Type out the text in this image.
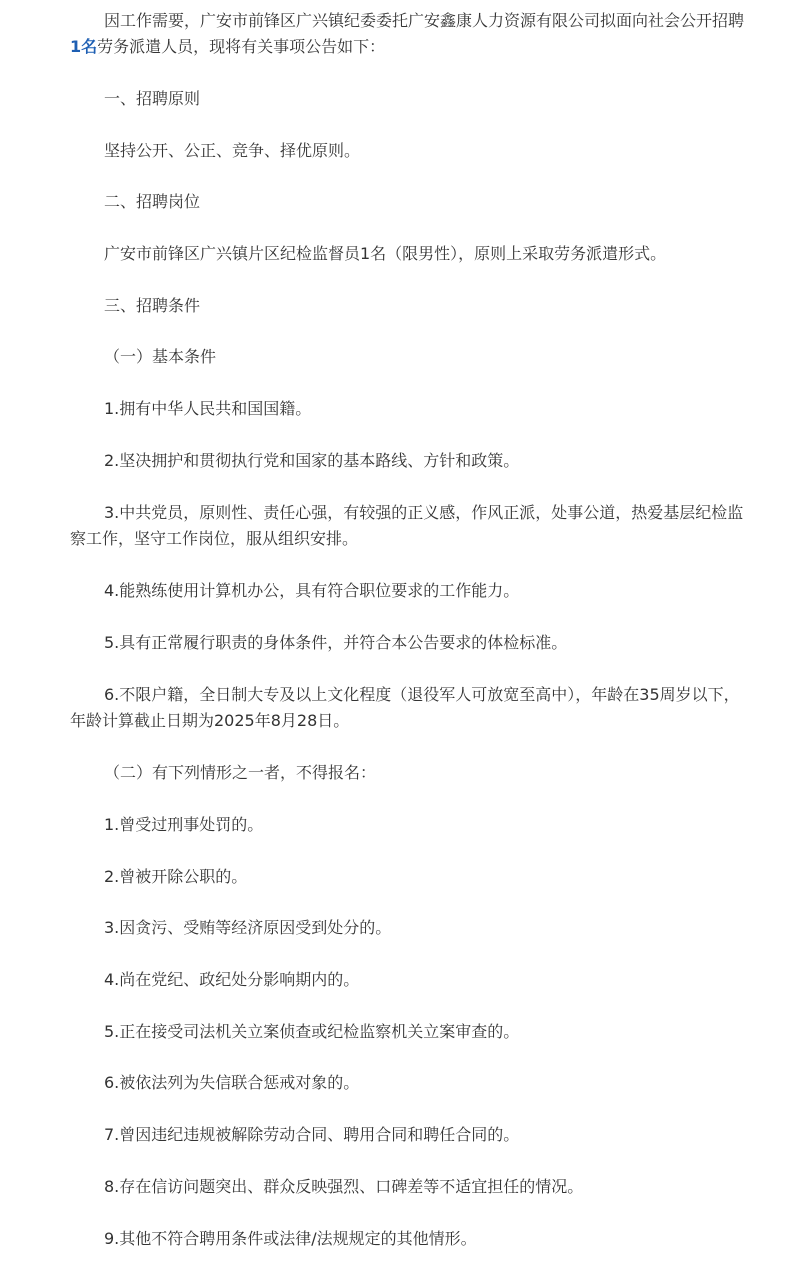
因工作需要，广安市前锋区广兴镇纪委委托广安鑫康人力资源有限公司拟面向社会公开招聘1名劳务派遣人员，现将有关事项公告如下：
一、招聘原则
坚持公开、公正、竞争、择优原则。
二、招聘岗位
广安市前锋区广兴镇片区纪检监督员1名（限男性），原则上采取劳务派遣形式。
三、招聘条件
（一）基本条件
1.拥有中华人民共和国国籍。
2.坚决拥护和贯彻执行党和国家的基本路线、方针和政策。
3.中共党员，原则性、责任心强，有较强的正义感，作风正派，处事公道，热爱基层纪检监察工作，坚守工作岗位，服从组织安排。
4.能熟练使用计算机办公，具有符合职位要求的工作能力。
5.具有正常履行职责的身体条件，并符合本公告要求的体检标准。
6.不限户籍，全日制大专及以上文化程度（退役军人可放宽至高中），年龄在35周岁以下，年龄计算截止日期为2025年8月28日。
（二）有下列情形之一者，不得报名：
1.曾受过刑事处罚的。
2.曾被开除公职的。
3.因贪污、受贿等经济原因受到处分的。
4.尚在党纪、政纪处分影响期内的。
5.正在接受司法机关立案侦查或纪检监察机关立案审查的。
6.被依法列为失信联合惩戒对象的。
7.曾因违纪违规被解除劳动合同、聘用合同和聘任合同的。
8.存在信访问题突出、群众反映强烈、口碑差等不适宜担任的情况。
9.其他不符合聘用条件或法律/法规规定的其他情形。
